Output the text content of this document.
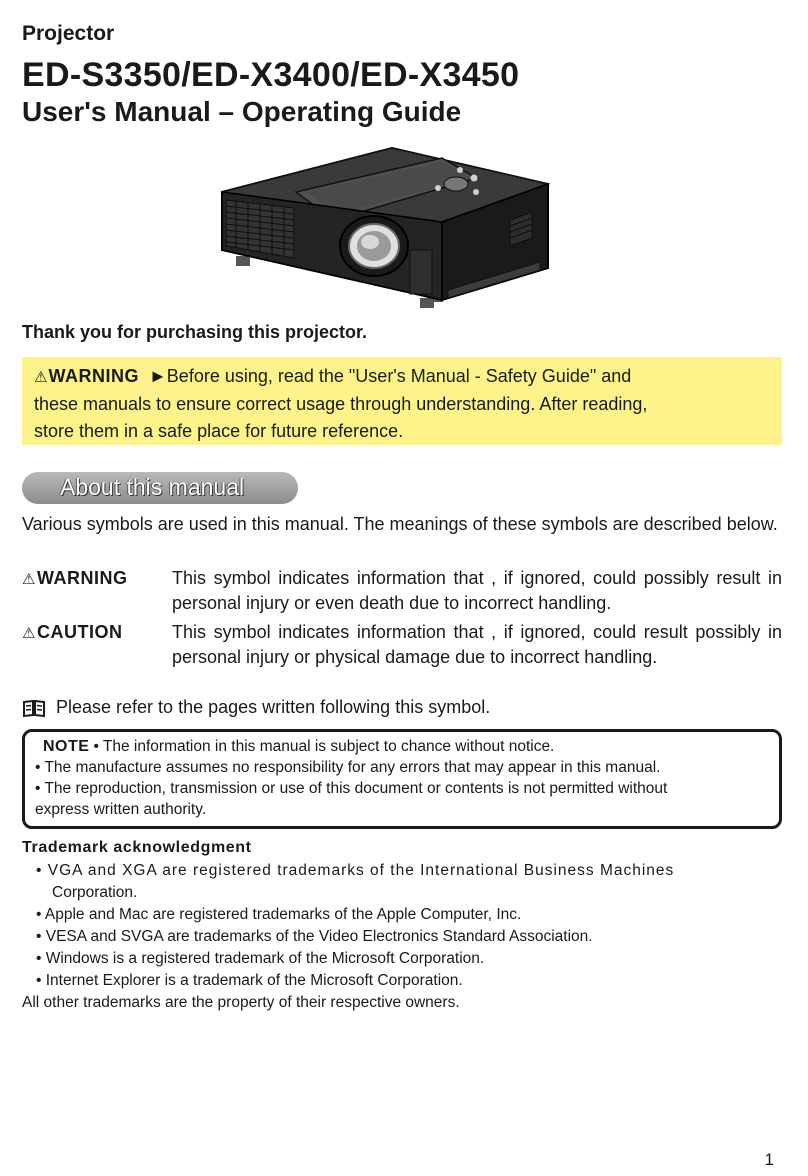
Projector
ED-S3350/ED-X3400/ED-X3450
User's Manual – Operating Guide
Thank you for purchasing this projector.
⚠WARNING ►Before using, read the "User's Manual - Safety Guide" and
these manuals to ensure correct usage through understanding. After reading,
store them in a safe place for future reference.
About this manual
Various symbols are used in this manual. The meanings of these symbols are described below.
⚠WARNING This symbol indicates information that , if ignored, could possibly result in personal injury or even death due to incorrect handling.
⚠CAUTION	This symbol indicates information that , if ignored, could result possibly in personal injury or physical damage due to incorrect handling.
Please refer to the pages written following this symbol.
NOTE • The information in this manual is subject to chance without notice.
• The manufacture assumes no responsibility for any errors that may appear in this manual.
• The reproduction, transmission or use of this document or contents is not permitted without
express written authority.
Trademark acknowledgment
• VGA and XGA are registered trademarks of the International Business Machines
Corporation.
• Apple and Mac are registered trademarks of the Apple Computer, Inc.
• VESA and SVGA are trademarks of the Video Electronics Standard Association.
• Windows is a registered trademark of the Microsoft Corporation.
• Internet Explorer is a trademark of the Microsoft Corporation.
All other trademarks are the property of their respective owners.
1
